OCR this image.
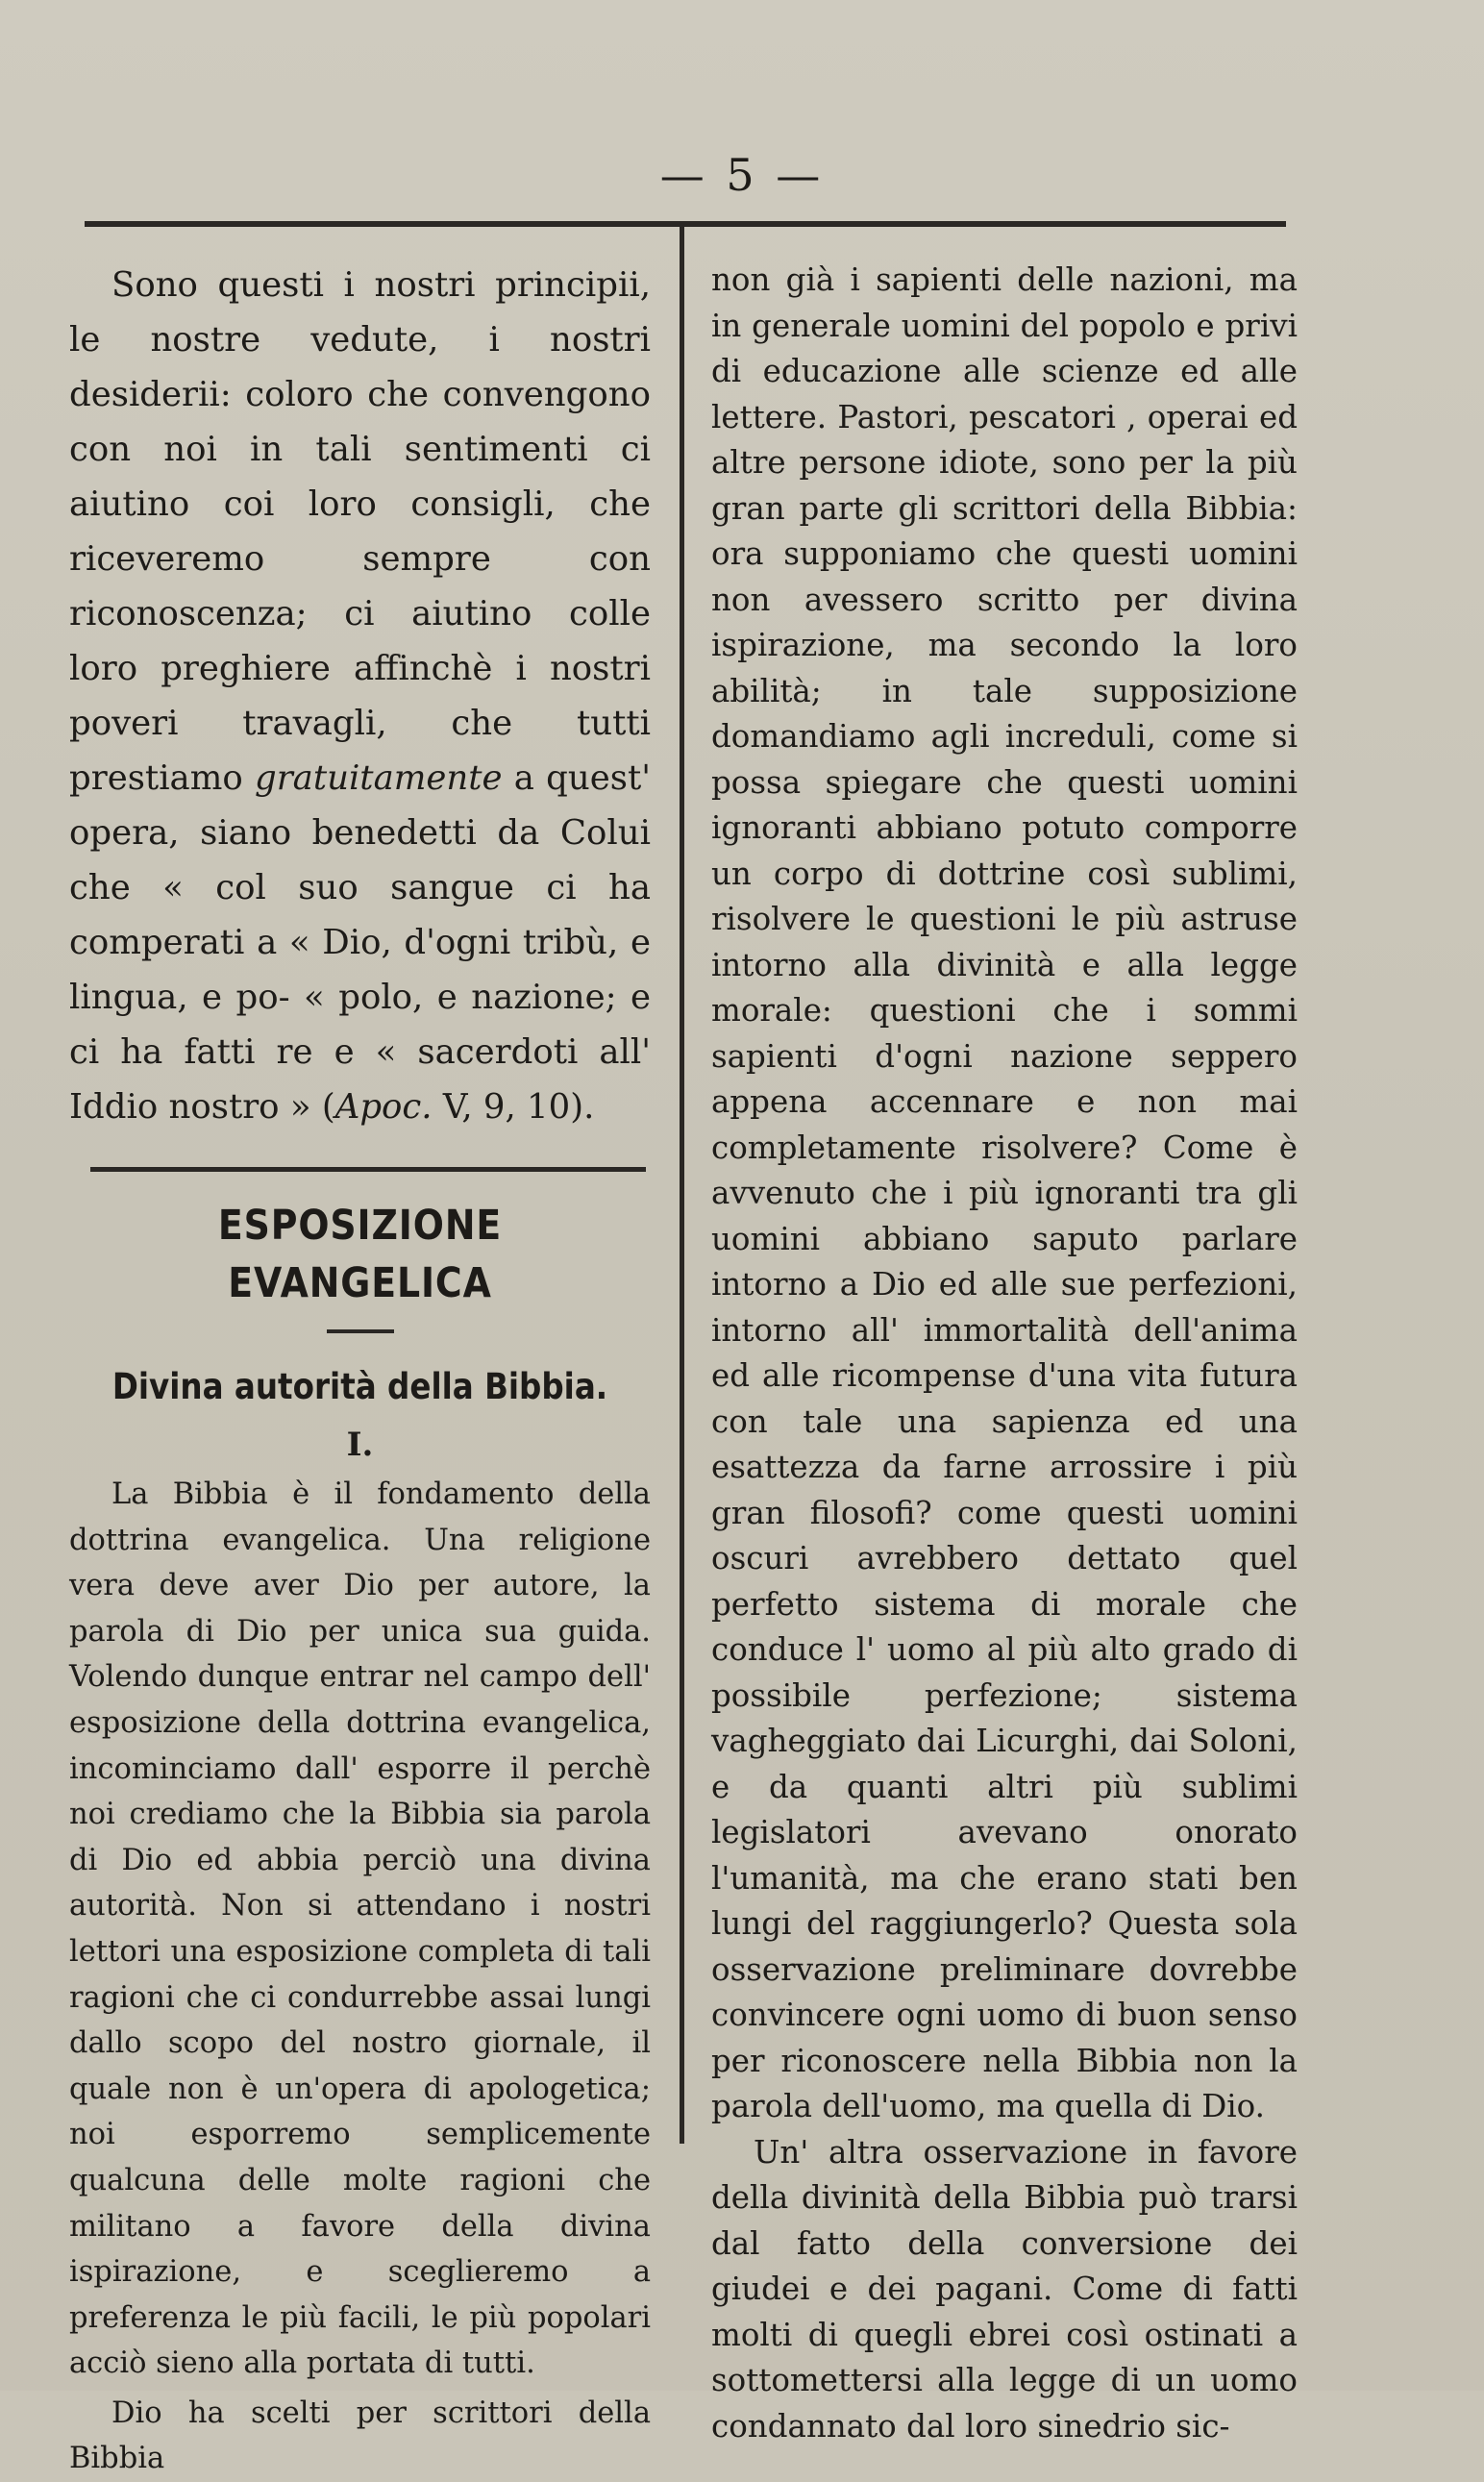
— 5 —

Sono questi i nostri principii, le nostre vedute, i nostri desiderii: coloro che convengono con noi in tali sentimenti ci aiutino coi loro consigli, che riceveremo sempre con riconoscenza; ci aiutino colle loro preghiere affinchè i nostri poveri travagli, che tutti prestiamo gratuitamente a quest' opera, siano benedetti da Colui che « col suo sangue ci ha comperati a « Dio, d'ogni tribù, e lingua, e po- « polo, e nazione; e ci ha fatti re e « sacerdoti all' Iddio nostro » (Apoc. V, 9, 10).

ESPOSIZIONE EVANGELICA
Divina autorità della Bibbia.
I.

La Bibbia è il fondamento della dottrina evangelica. Una religione vera deve aver Dio per autore, la parola di Dio per unica sua guida. Volendo dunque entrar nel campo dell' esposizione della dottrina evangelica, incominciamo dall' esporre il perchè noi crediamo che la Bibbia sia parola di Dio ed abbia perciò una divina autorità. Non si attendano i nostri lettori una esposizione completa di tali ragioni che ci condurrebbe assai lungi dallo scopo del nostro giornale, il quale non è un'opera di apologetica; noi esporremo semplicemente qualcuna delle molte ragioni che militano a favore della divina ispirazione, e sceglieremo a preferenza le più facili, le più popolari acciò sieno alla portata di tutti.

Dio ha scelti per scrittori della Bibbia

non già i sapienti delle nazioni, ma in generale uomini del popolo e privi di educazione alle scienze ed alle lettere. Pastori, pescatori , operai ed altre persone idiote, sono per la più gran parte gli scrittori della Bibbia: ora supponiamo che questi uomini non avessero scritto per divina ispirazione, ma secondo la loro abilità; in tale supposizione domandiamo agli increduli, come si possa spiegare che questi uomini ignoranti abbiano potuto comporre un corpo di dottrine così sublimi, risolvere le questioni le più astruse intorno alla divinità e alla legge morale: questioni che i sommi sapienti d'ogni nazione seppero appena accennare e non mai completamente risolvere? Come è avvenuto che i più ignoranti tra gli uomini abbiano saputo parlare intorno a Dio ed alle sue perfezioni, intorno all' immortalità dell'anima ed alle ricompense d'una vita futura con tale una sapienza ed una esattezza da farne arrossire i più gran filosofi? come questi uomini oscuri avrebbero dettato quel perfetto sistema di morale che conduce l' uomo al più alto grado di possibile perfezione; sistema vagheggiato dai Licurghi, dai Soloni, e da quanti altri più sublimi legislatori avevano onorato l'umanità, ma che erano stati ben lungi del raggiungerlo? Questa sola osservazione preliminare dovrebbe convincere ogni uomo di buon senso per riconoscere nella Bibbia non la parola dell'uomo, ma quella di Dio.

Un' altra osservazione in favore della divinità della Bibbia può trarsi dal fatto della conversione dei giudei e dei pagani. Come di fatti molti di quegli ebrei così ostinati a sottomettersi alla legge di un uomo condannato dal loro sinedrio sic-
